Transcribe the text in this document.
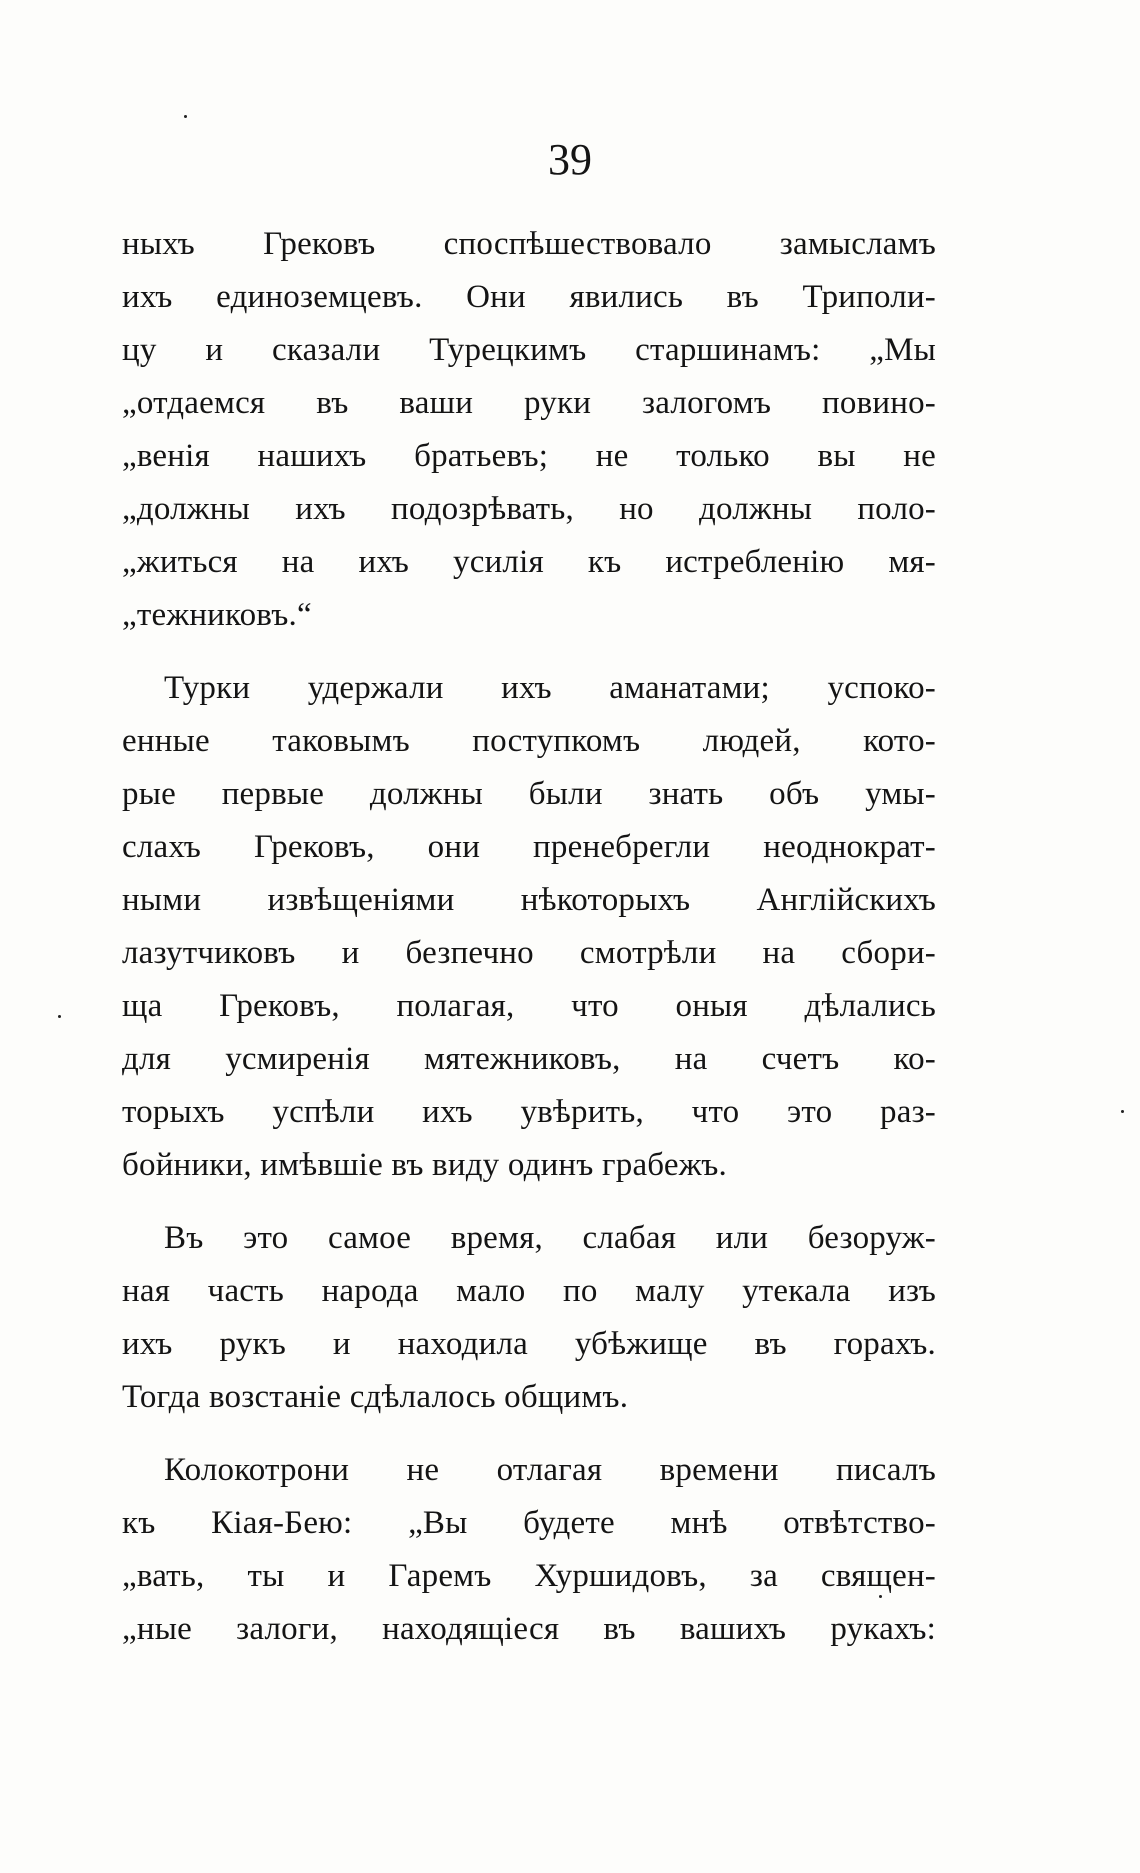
39
ныхъ Грековъ споспѣшествовало замысламъ
ихъ единоземцевъ. Они явились въ Триполи-
цу и сказали Турецкимъ старшинамъ: „Мы
„отдаемся въ ваши руки залогомъ повино-
„венія нашихъ братьевъ; не только вы не
„должны ихъ подозрѣвать, но должны поло-
„житься на ихъ усилія къ истребленію мя-
„тежниковъ.“
Турки удержали ихъ аманатами; успоко-
енные таковымъ поступкомъ людей, кото-
рые первые должны были знать объ умы-
слахъ Грековъ, они пренебрегли неоднократ-
ными извѣщеніями нѣкоторыхъ Англійскихъ
лазутчиковъ и безпечно смотрѣли на сбори-
ща Грековъ, полагая, что оныя дѣлались
для усмиренія мятежниковъ, на счетъ ко-
торыхъ успѣли ихъ увѣрить, что это раз-
бойники, имѣвшіе въ виду одинъ грабежъ.
Въ это самое время, слабая или безоруж-
ная часть народа мало по малу утекала изъ
ихъ рукъ и находила убѣжище въ горахъ.
Тогда возстаніе сдѣлалось общимъ.
Колокотрони не отлагая времени писалъ
къ Кіая-Бею: „Вы будете мнѣ отвѣтство-
„вать, ты и Гаремъ Хуршидовъ, за священ-
„ные залоги, находящіеся въ вашихъ рукахъ:
